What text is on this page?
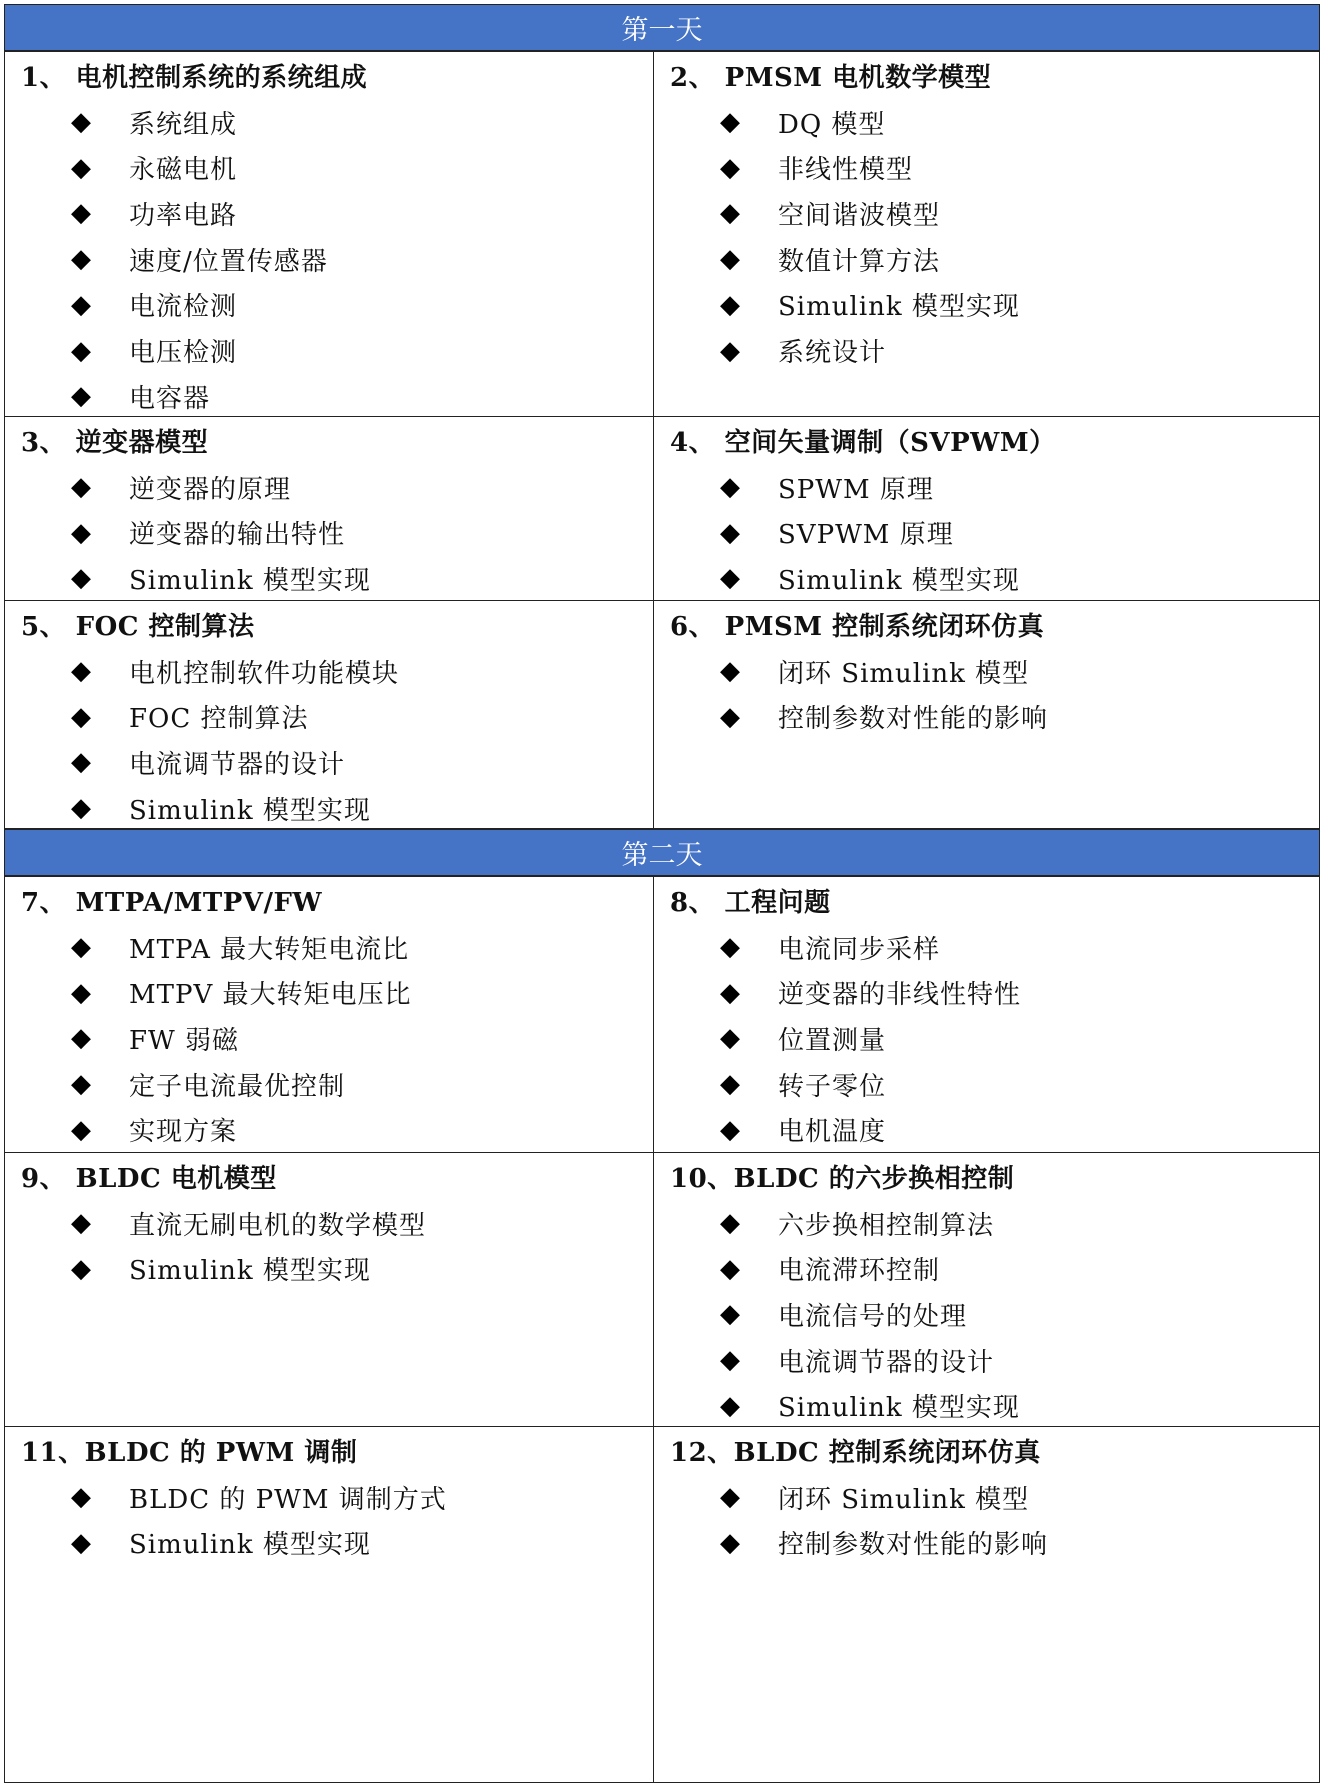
第一天
1、 电机控制系统的系统组成
◆	系统组成
◆	永磁电机
◆	功率电路
◆	速度/位置传感器
◆	电流检测
◆	电压检测
◆	电容器
2、 PMSM 电机数学模型
◆	DQ 模型
◆	非线性模型
◆	空间谐波模型
◆	数值计算方法
◆	Simulink 模型实现
◆	系统设计
3、 逆变器模型
◆	逆变器的原理
◆	逆变器的输出特性
◆	Simulink 模型实现
4、 空间矢量调制（SVPWM）
◆	SPWM 原理
◆	SVPWM 原理
◆	Simulink 模型实现
5、 FOC 控制算法
◆	电机控制软件功能模块
◆	FOC 控制算法
◆	电流调节器的设计
◆	Simulink 模型实现
6、 PMSM 控制系统闭环仿真
◆	闭环 Simulink 模型
◆	控制参数对性能的影响
第二天
7、 MTPA/MTPV/FW
◆	MTPA 最大转矩电流比
◆	MTPV 最大转矩电压比
◆	FW 弱磁
◆	定子电流最优控制
◆	实现方案
8、 工程问题
◆	电流同步采样
◆	逆变器的非线性特性
◆	位置测量
◆	转子零位
◆	电机温度
9、 BLDC 电机模型
◆	直流无刷电机的数学模型
◆	Simulink 模型实现
10、BLDC 的六步换相控制
◆	六步换相控制算法
◆	电流滞环控制
◆	电流信号的处理
◆	电流调节器的设计
◆	Simulink 模型实现
11、BLDC 的 PWM 调制
◆	BLDC 的 PWM 调制方式
◆	Simulink 模型实现
12、BLDC 控制系统闭环仿真
◆	闭环 Simulink 模型
◆	控制参数对性能的影响
